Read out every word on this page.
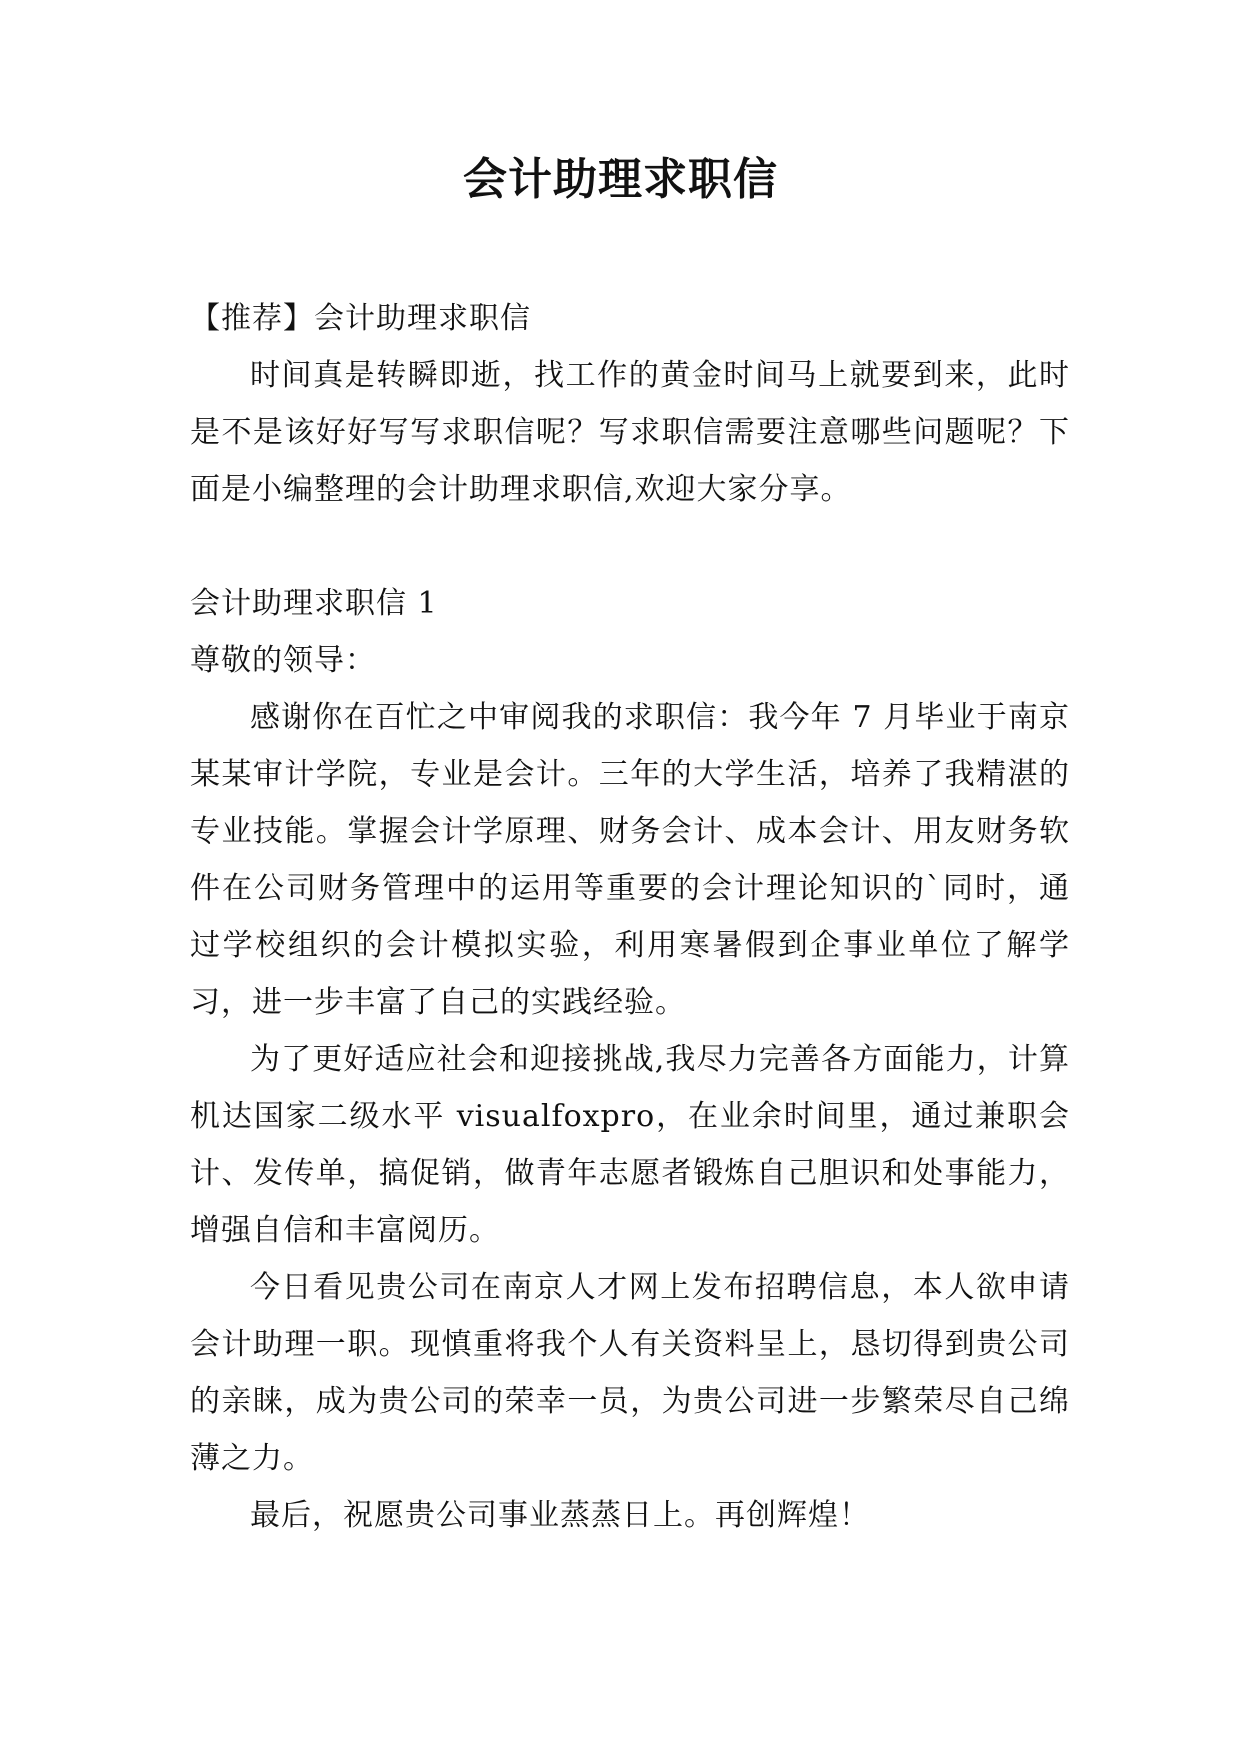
会计助理求职信

【推荐】会计助理求职信

时间真是转瞬即逝，找工作的黄金时间马上就要到来，此时是不是该好好写写求职信呢？写求职信需要注意哪些问题呢？下面是小编整理的会计助理求职信,欢迎大家分享。

会计助理求职信 1

尊敬的领导：

感谢你在百忙之中审阅我的求职信：我今年 7 月毕业于南京某某审计学院，专业是会计。三年的大学生活，培养了我精湛的专业技能。掌握会计学原理、财务会计、成本会计、用友财务软件在公司财务管理中的运用等重要的会计理论知识的`同时，通过学校组织的会计模拟实验，利用寒暑假到企事业单位了解学习，进一步丰富了自己的实践经验。

为了更好适应社会和迎接挑战,我尽力完善各方面能力，计算机达国家二级水平 visualfoxpro，在业余时间里，通过兼职会计、发传单，搞促销，做青年志愿者锻炼自己胆识和处事能力，增强自信和丰富阅历。

今日看见贵公司在南京人才网上发布招聘信息，本人欲申请会计助理一职。现慎重将我个人有关资料呈上，恳切得到贵公司的亲睐，成为贵公司的荣幸一员，为贵公司进一步繁荣尽自己绵薄之力。

最后，祝愿贵公司事业蒸蒸日上。再创辉煌！
